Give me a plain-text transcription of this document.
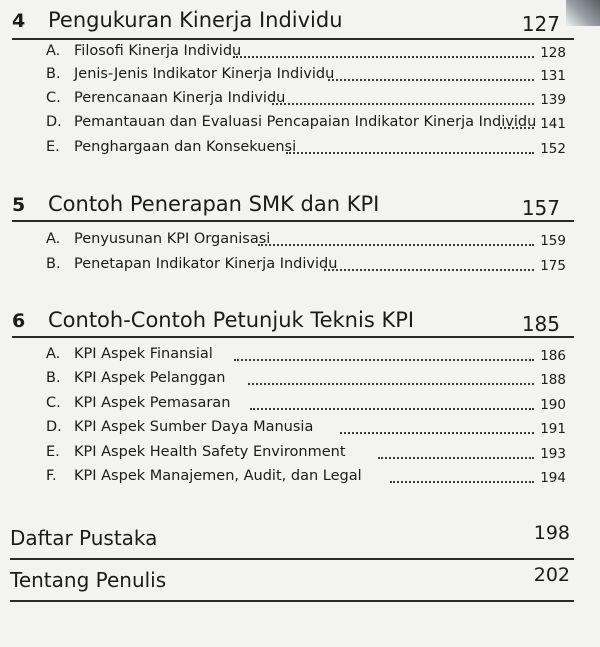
4 Pengukuran Kinerja Individu	127
A. Filosofi Kinerja Individu	128
B. Jenis-Jenis Indikator Kinerja Individu	131
C. Perencanaan Kinerja Individu	139
D. Pemantauan dan Evaluasi Pencapaian Indikator Kinerja Individu 141
E. Penghargaan dan Konsekuensi	152
5 Contoh Penerapan SMK dan KPI	157
A. Penyusunan KPI Organisasi	159
B. Penetapan Indikator Kinerja Individu	175
6 Contoh-Contoh Petunjuk Teknis KPI	185
A. KPI Aspek Finansial	186
B. KPI Aspek Pelanggan	188
C. KPI Aspek Pemasaran	190
D. KPI Aspek Sumber Daya Manusia	191
E. KPI Aspek Health Safety Environment	193
F. KPI Aspek Manajemen, Audit, dan Legal	194
Daftar Pustaka	198
Tentang Penulis	202
